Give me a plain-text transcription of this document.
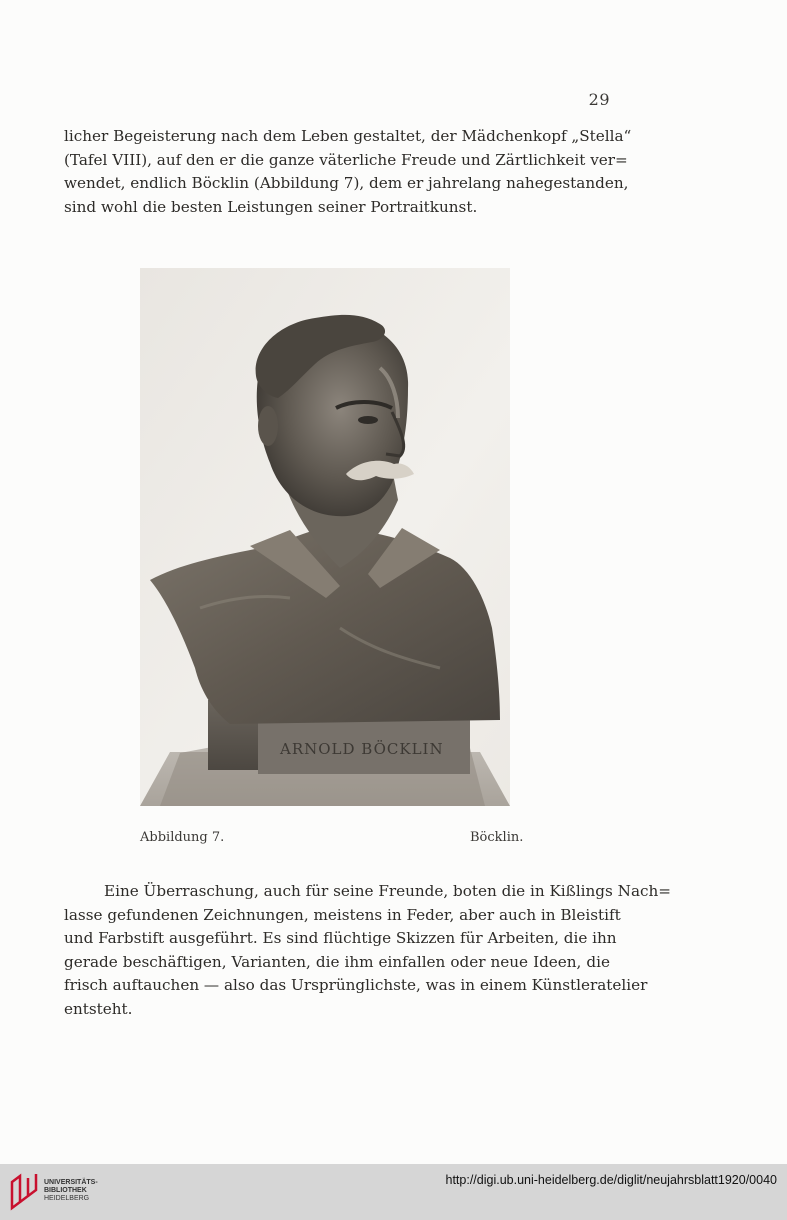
29
licher Begeisterung nach dem Leben gestaltet, der Mädchenkopf „Stella“
(Tafel VIII), auf den er die ganze väterliche Freude und Zärtlichkeit ver=
wendet, endlich Böcklin (Abbildung 7), dem er jahrelang nahegestanden,
sind wohl die besten Leistungen seiner Portraitkunst.
ARNOLD BÖCKLIN
Abbildung 7.	Böcklin.
Eine Überraschung, auch für seine Freunde, boten die in Kißlings Nach=
lasse gefundenen Zeichnungen, meistens in Feder, aber auch in Bleistift
und Farbstift ausgeführt. Es sind flüchtige Skizzen für Arbeiten, die ihn
gerade beschäftigen, Varianten, die ihm einfallen oder neue Ideen, die
frisch auftauchen — also das Ursprünglichste, was in einem Künstleratelier
entsteht.
UNIVERSITÄTS-
BIBLIOTHEK
HEIDELBERG
http://digi.ub.uni-heidelberg.de/diglit/neujahrsblatt1920/0040
